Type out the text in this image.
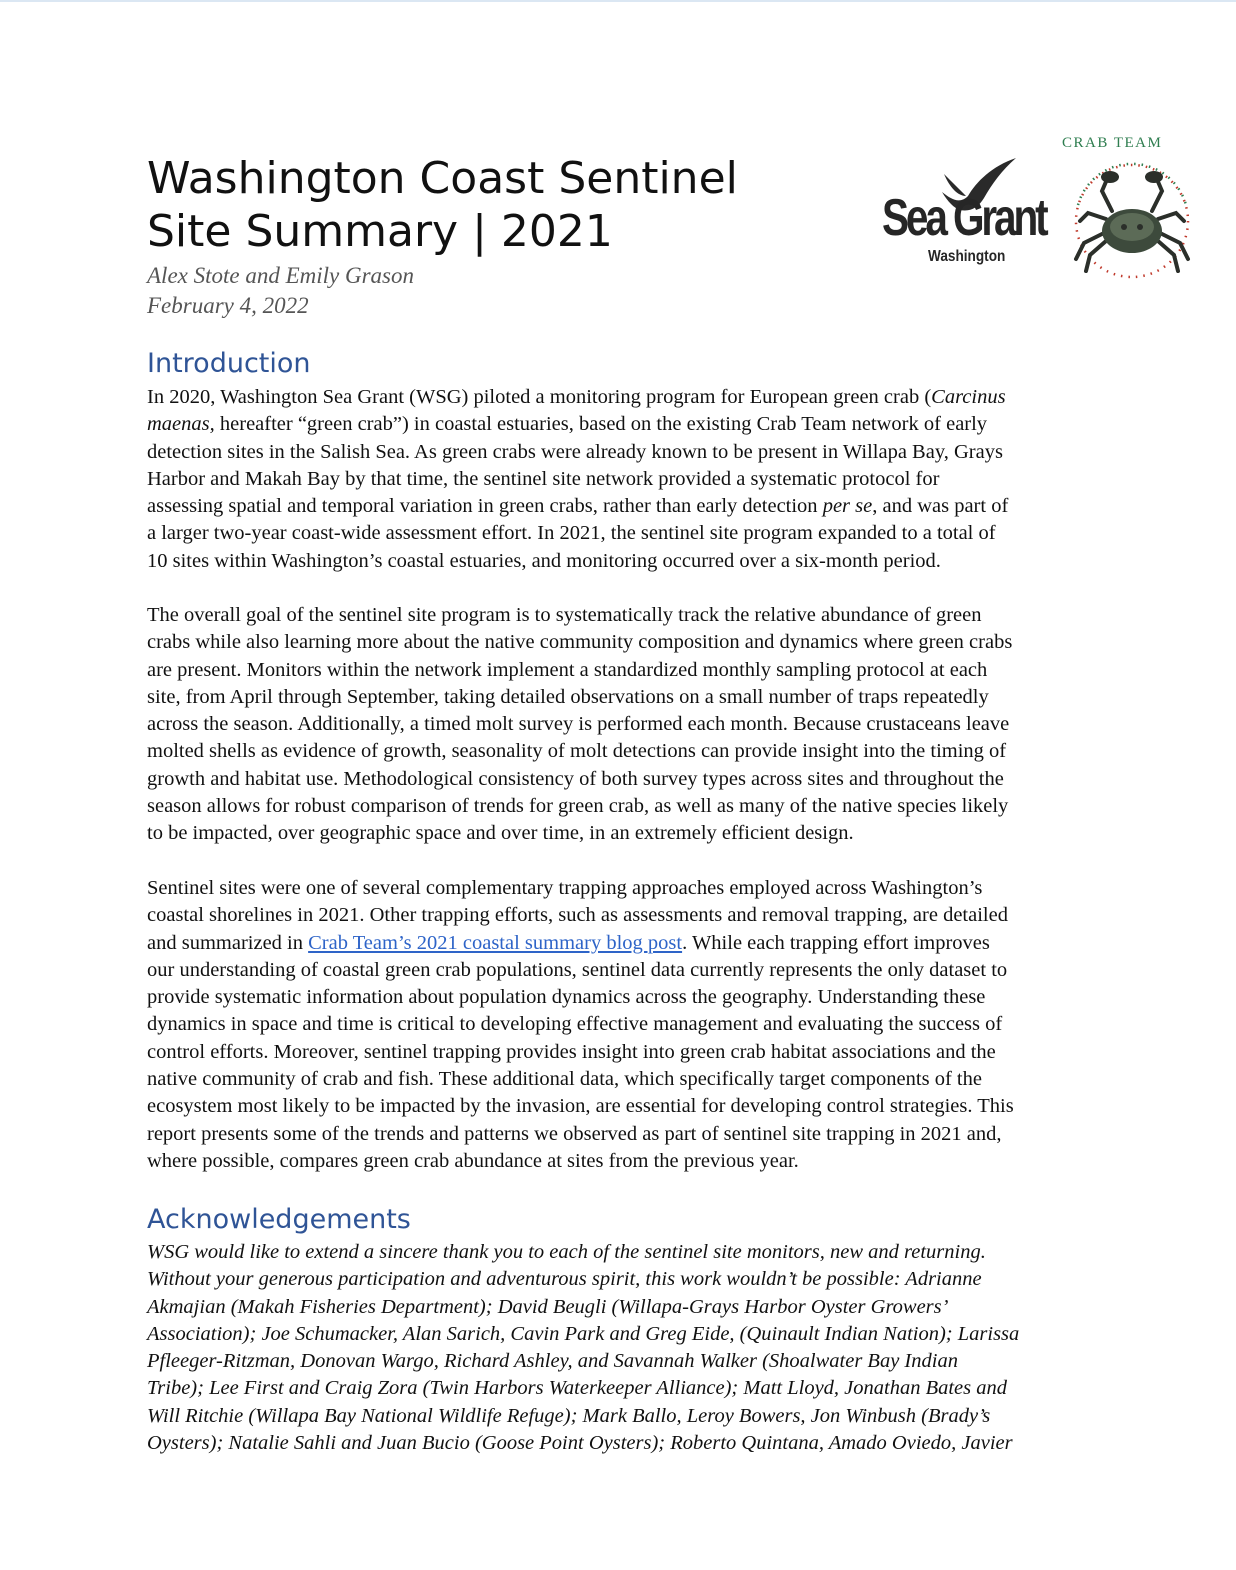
Washington Coast Sentinel
Site Summary | 2021
Alex Stote and Emily Grason
February 4, 2022
Sea Grant
Washington
CRAB TEAM
Introduction

In 2020, Washington Sea Grant (WSG) piloted a monitoring program for European green crab (Carcinus
maenas, hereafter “green crab”) in coastal estuaries, based on the existing Crab Team network of early
detection sites in the Salish Sea. As green crabs were already known to be present in Willapa Bay, Grays
Harbor and Makah Bay by that time, the sentinel site network provided a systematic protocol for
assessing spatial and temporal variation in green crabs, rather than early detection per se, and was part of
a larger two-year coast-wide assessment effort. In 2021, the sentinel site program expanded to a total of
10 sites within Washington’s coastal estuaries, and monitoring occurred over a six-month period.

The overall goal of the sentinel site program is to systematically track the relative abundance of green
crabs while also learning more about the native community composition and dynamics where green crabs
are present. Monitors within the network implement a standardized monthly sampling protocol at each
site, from April through September, taking detailed observations on a small number of traps repeatedly
across the season. Additionally, a timed molt survey is performed each month. Because crustaceans leave
molted shells as evidence of growth, seasonality of molt detections can provide insight into the timing of
growth and habitat use. Methodological consistency of both survey types across sites and throughout the
season allows for robust comparison of trends for green crab, as well as many of the native species likely
to be impacted, over geographic space and over time, in an extremely efficient design.

Sentinel sites were one of several complementary trapping approaches employed across Washington’s
coastal shorelines in 2021. Other trapping efforts, such as assessments and removal trapping, are detailed
and summarized in Crab Team’s 2021 coastal summary blog post. While each trapping effort improves
our understanding of coastal green crab populations, sentinel data currently represents the only dataset to
provide systematic information about population dynamics across the geography. Understanding these
dynamics in space and time is critical to developing effective management and evaluating the success of
control efforts. Moreover, sentinel trapping provides insight into green crab habitat associations and the
native community of crab and fish. These additional data, which specifically target components of the
ecosystem most likely to be impacted by the invasion, are essential for developing control strategies. This
report presents some of the trends and patterns we observed as part of sentinel site trapping in 2021 and,
where possible, compares green crab abundance at sites from the previous year.

Acknowledgements

WSG would like to extend a sincere thank you to each of the sentinel site monitors, new and returning.
Without your generous participation and adventurous spirit, this work wouldn’t be possible: Adrianne
Akmajian (Makah Fisheries Department); David Beugli (Willapa-Grays Harbor Oyster Growers’
Association); Joe Schumacker, Alan Sarich, Cavin Park and Greg Eide, (Quinault Indian Nation); Larissa
Pfleeger-Ritzman, Donovan Wargo, Richard Ashley, and Savannah Walker (Shoalwater Bay Indian
Tribe); Lee First and Craig Zora (Twin Harbors Waterkeeper Alliance); Matt Lloyd, Jonathan Bates and
Will Ritchie (Willapa Bay National Wildlife Refuge); Mark Ballo, Leroy Bowers, Jon Winbush (Brady’s
Oysters); Natalie Sahli and Juan Bucio (Goose Point Oysters); Roberto Quintana, Amado Oviedo, Javier
